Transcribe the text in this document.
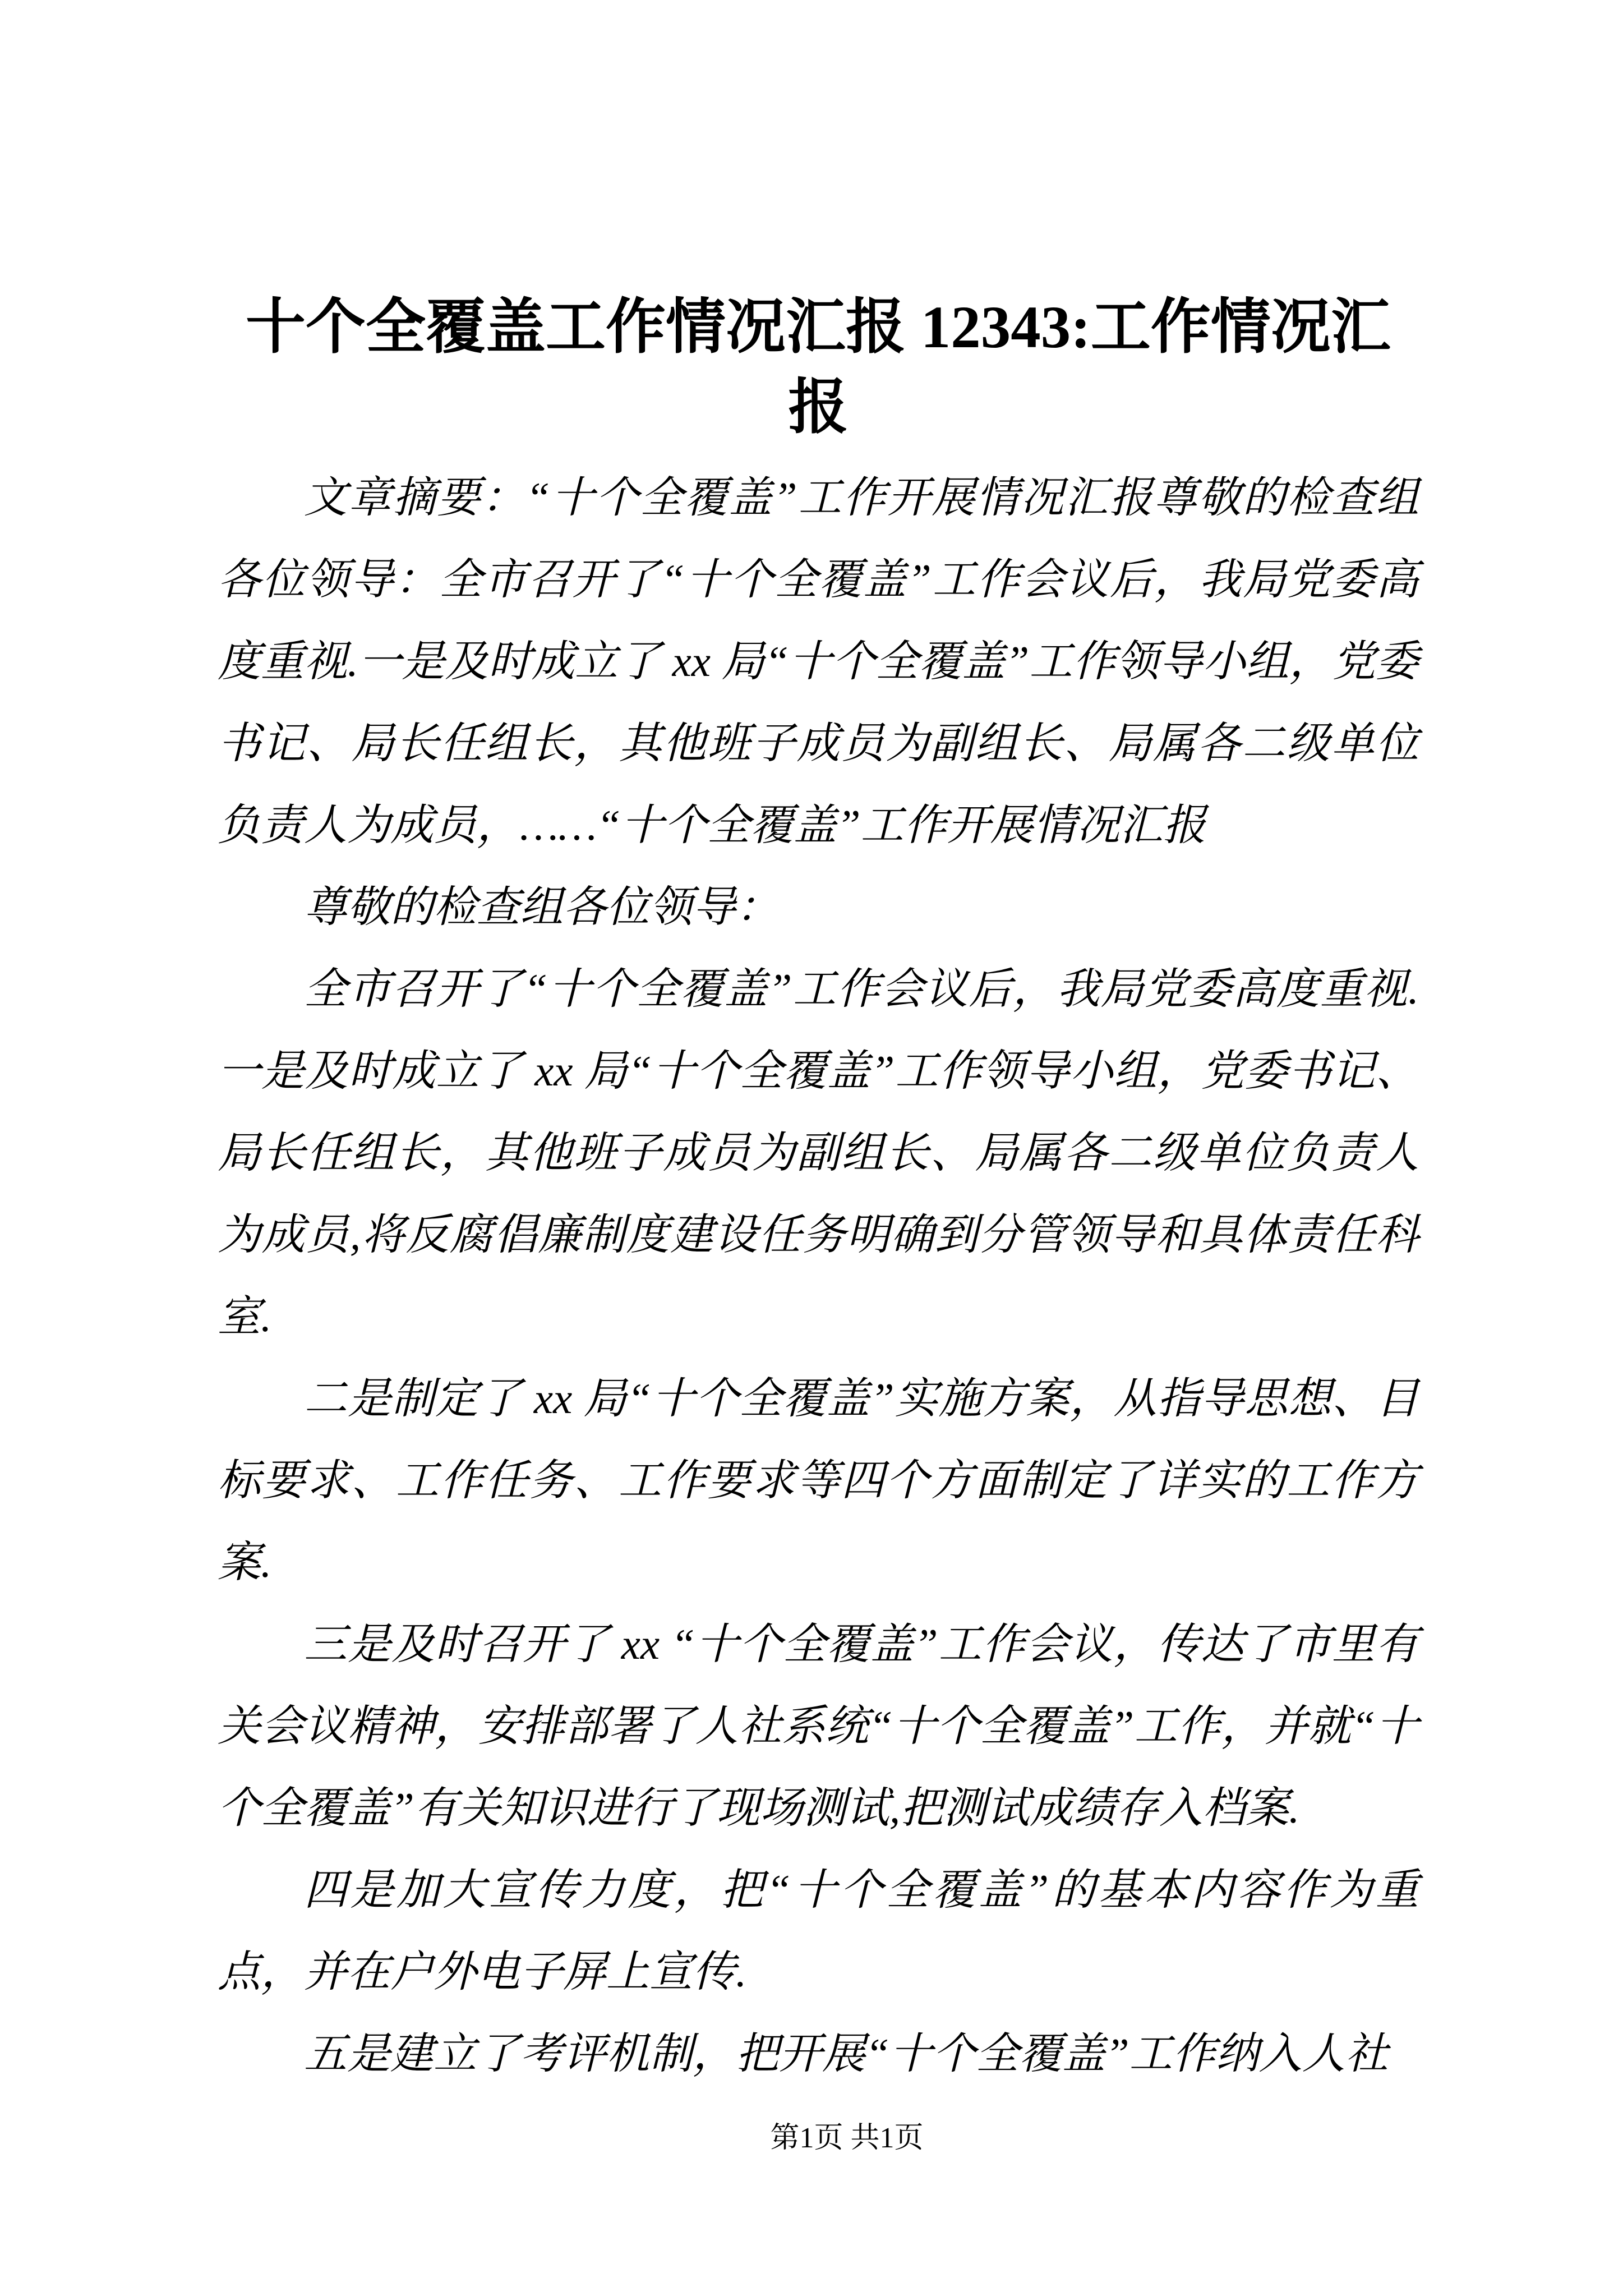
十个全覆盖工作情况汇报 12343:工作情况汇报

文章摘要：“十个全覆盖”工作开展情况汇报尊敬的检查组各位领导：全市召开了“十个全覆盖”工作会议后，我局党委高度重视.一是及时成立了 xx 局“十个全覆盖”工作领导小组，党委书记、局长任组长，其他班子成员为副组长、局属各二级单位负责人为成员，……“十个全覆盖”工作开展情况汇报

尊敬的检查组各位领导：

全市召开了“十个全覆盖”工作会议后，我局党委高度重视.一是及时成立了 xx 局“十个全覆盖”工作领导小组，党委书记、局长任组长，其他班子成员为副组长、局属各二级单位负责人为成员,将反腐倡廉制度建设任务明确到分管领导和具体责任科室.

二是制定了 xx 局“十个全覆盖”实施方案，从指导思想、目标要求、工作任务、工作要求等四个方面制定了详实的工作方案.

三是及时召开了 xx “十个全覆盖”工作会议，传达了市里有关会议精神，安排部署了人社系统“十个全覆盖”工作，并就“十个全覆盖”有关知识进行了现场测试,把测试成绩存入档案.

四是加大宣传力度，把“十个全覆盖”的基本内容作为重点，并在户外电子屏上宣传.

五是建立了考评机制，把开展“十个全覆盖”工作纳入人社

第1页 共1页
